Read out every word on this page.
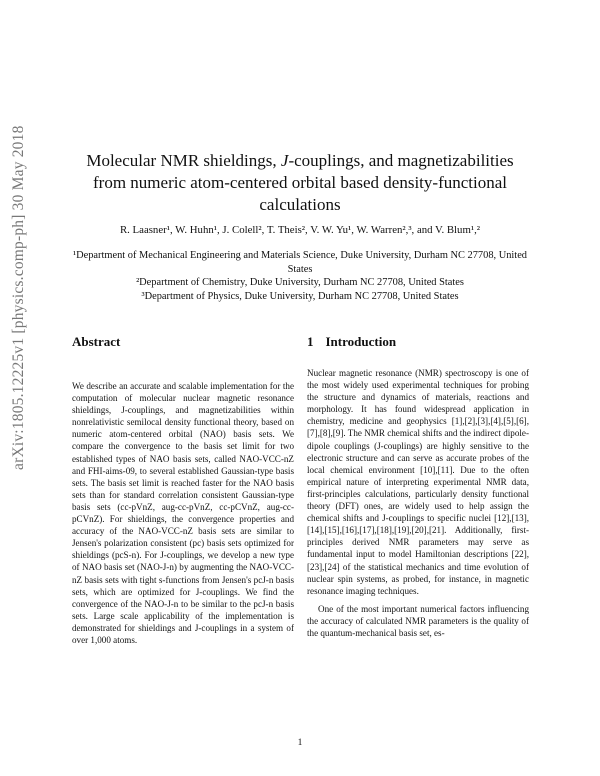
arXiv:1805.12225v1 [physics.comp-ph] 30 May 2018	Molecular NMR shieldings, J-couplings, and magnetizabilities
from numeric atom-centered orbital based density-functional
calculations
R. Laasner¹, W. Huhn¹, J. Colell², T. Theis², V. W. Yu¹, W. Warren²,³, and V. Blum¹,²
¹Department of Mechanical Engineering and Materials Science, Duke University, Durham NC 27708, United States
²Department of Chemistry, Duke University, Durham NC 27708, United States
³Department of Physics, Duke University, Durham NC 27708, United States
Abstract	1 Introduction
We describe an accurate and scalable implementation for the computation of molecular nuclear magnetic resonance shieldings, J-couplings, and magnetizabilities within nonrelativistic semilocal density functional theory, based on numeric atom-centered orbital (NAO) basis sets. We compare the convergence to the basis set limit for two established types of NAO basis sets, called NAO-VCC-nZ and FHI-aims-09, to several established Gaussian-type basis sets. The basis set limit is reached faster for the NAO basis sets than for standard correlation consistent Gaussian-type basis sets (cc-pVnZ, aug-cc-pVnZ, cc-pCVnZ, aug-cc-pCVnZ). For shieldings, the convergence properties and accuracy of the NAO-VCC-nZ basis sets are similar to Jensen's polarization consistent (pc) basis sets optimized for shieldings (pcS-n). For J-couplings, we develop a new type of NAO basis set (NAO-J-n) by augmenting the NAO-VCC-nZ basis sets with tight s-functions from Jensen's pcJ-n basis sets, which are optimized for J-couplings. We find the convergence of the NAO-J-n to be similar to the pcJ-n basis sets. Large scale applicability of the implementation is demonstrated for shieldings and J-couplings in a system of over 1,000 atoms.

Nuclear magnetic resonance (NMR) spectroscopy is one of the most widely used experimental techniques for probing the structure and dynamics of materials, reactions and morphology. It has found widespread application in chemistry, medicine and geophysics [1],[2],[3],[4],[5],[6],[7],[8],[9]. The NMR chemical shifts and the indirect dipole-dipole couplings (J-couplings) are highly sensitive to the electronic structure and can serve as accurate probes of the local chemical environment [10],[11]. Due to the often empirical nature of interpreting experimental NMR data, first-principles calculations, particularly density functional theory (DFT) ones, are widely used to help assign the chemical shifts and J-couplings to specific nuclei [12],[13],[14],[15],[16],[17],[18],[19],[20],[21]. Additionally, first-principles derived NMR parameters may serve as fundamental input to model Hamiltonian descriptions [22],[23],[24] of the statistical mechanics and time evolution of nuclear spin systems, as probed, for instance, in magnetic resonance imaging techniques.

One of the most important numerical factors influencing the accuracy of calculated NMR parameters is the quality of the quantum-mechanical basis set, es-

1
